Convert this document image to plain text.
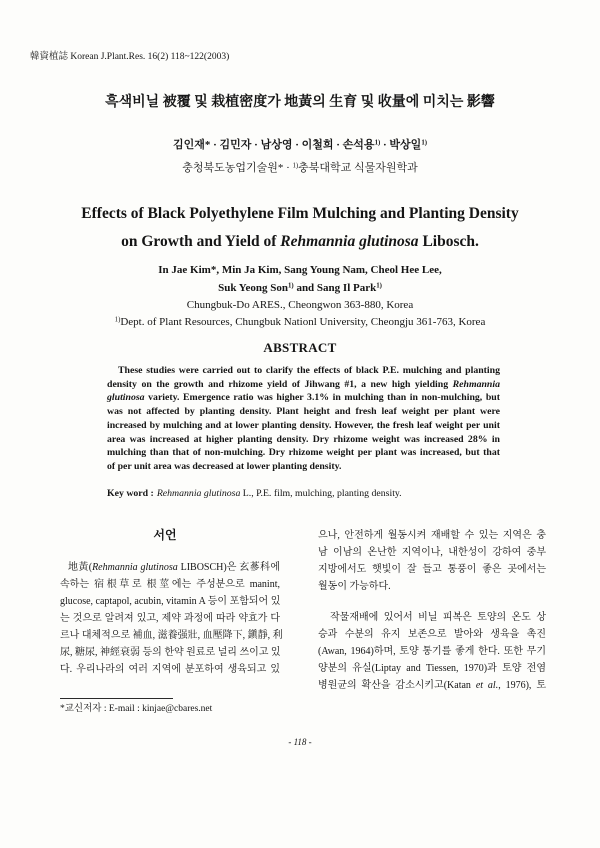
韓資植誌 Korean J.Plant.Res. 16(2) 118~122(2003)
흑색비닐 被覆 및 栽植密度가 地黃의 生育 및 收量에 미치는 影響
김인재* · 김민자 · 남상영 · 이철희 · 손석용$^{1)}$ · 박상일$^{1)}$
충청북도농업기술원* · $^{1)}$충북대학교 식물자원학과
Effects of Black Polyethylene Film Mulching and Planting Density
on Growth and Yield of Rehmannia glutinosa Libosch.
In Jae Kim*, Min Ja Kim, Sang Young Nam, Cheol Hee Lee,
Suk Yeong Son$^{1)}$ and Sang Il Park$^{1)}$
Chungbuk-Do ARES., Cheongwon 363-880, Korea
$^{1)}$Dept. of Plant Resources, Chungbuk Nationl University, Cheongju 361-763, Korea
ABSTRACT
These studies were carried out to clarify the effects of black P.E. mulching and planting
density on the growth and rhizome yield of Jihwang #1, a new high yielding Rehmannia
glutinosa variety. Emergence ratio was higher 3.1% in mulching than in non-mulching, but
was not affected by planting density. Plant height and fresh leaf weight per plant were
increased by mulching and at lower planting density. However, the fresh leaf weight per unit
area was increased at higher planting density. Dry rhizome weight was increased 28% in
mulching than that of non-mulching. Dry rhizome weight per plant was increased, but that
of per unit area was decreased at lower planting density.
Key word : Rehmannia glutinosa L., P.E. film, mulching, planting density.
서언
地黃(Rehmannia glutinosa LIBOSCH)은 玄蔘科에
속하는 宿根草로 根莖에는 주성분으로 manint,
glucose, captapol, acubin, vitamin A 등이 포함되어 있
는 것으로 알려져 있고, 제약 과정에 따라 약효가 다
르나 대체적으로 補血, 滋養强壯, 血壓降下, 鎭靜, 利
尿, 糖尿, 神經衰弱 등의 한약 원료로 널리 쓰이고 있
다. 우리나라의 여러 지역에 분포하여 생육되고 있
으나, 안전하게 월동시켜 재배할 수 있는 지역은 충
남 이남의 온난한 지역이나, 내한성이 강하여 중부
지방에서도 햇빛이 잘 들고 통풍이 좋은 곳에서는
월동이 가능하다.
작물재배에 있어서 비닐 피복은 토양의 온도 상
승과 수분의 유지 보존으로 발아와 생육을 촉진
(Awan, 1964)하며, 토양 통기를 좋게 한다. 또한 무기
양분의 유실(Liptay and Tiessen, 1970)과 토양 전염
병원균의 확산을 감소시키고(Katan et al., 1976), 토
*교신저자 : E-mail : kinjae@cbares.net
- 118 -
